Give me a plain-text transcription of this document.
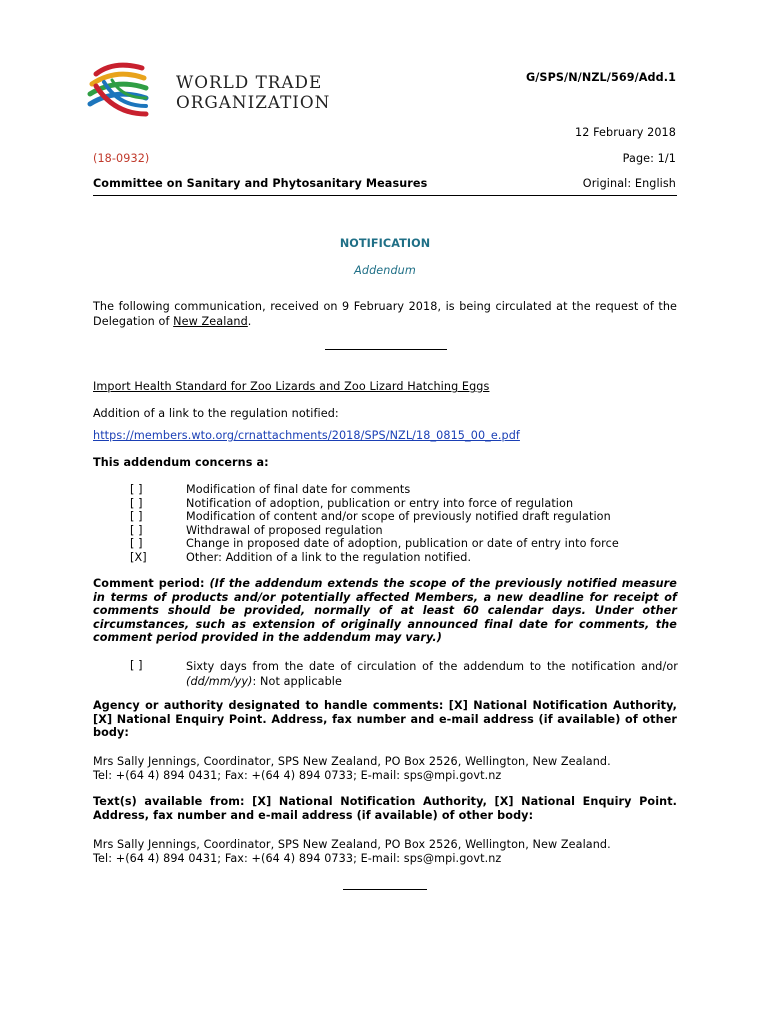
WORLD TRADE
ORGANIZATION
G/SPS/N/NZL/569/Add.1
12 February 2018
(18-0932)	Page: 1/1
Committee on Sanitary and Phytosanitary Measures	Original: English
NOTIFICATION
Addendum
The following communication, received on 9 February 2018, is being circulated at the request of the Delegation of New Zealand.
Import Health Standard for Zoo Lizards and Zoo Lizard Hatching Eggs
Addition of a link to the regulation notified:
https://members.wto.org/crnattachments/2018/SPS/NZL/18_0815_00_e.pdf
This addendum concerns a:
[ ]	Modification of final date for comments
[ ]	Notification of adoption, publication or entry into force of regulation
[ ]	Modification of content and/or scope of previously notified draft regulation
[ ]	Withdrawal of proposed regulation
[ ]	Change in proposed date of adoption, publication or date of entry into force
[X]	Other: Addition of a link to the regulation notified.
Comment period: (If the addendum extends the scope of the previously notified measure in terms of products and/or potentially affected Members, a new deadline for receipt of comments should be provided, normally of at least 60 calendar days. Under other circumstances, such as extension of originally announced final date for comments, the comment period provided in the addendum may vary.)
[ ]	Sixty days from the date of circulation of the addendum to the notification and/or (dd/mm/yy): Not applicable
Agency or authority designated to handle comments: [X] National Notification Authority, [X] National Enquiry Point. Address, fax number and e-mail address (if available) of other body:
Mrs Sally Jennings, Coordinator, SPS New Zealand, PO Box 2526, Wellington, New Zealand.
Tel: +(64 4) 894 0431; Fax: +(64 4) 894 0733; E-mail: sps@mpi.govt.nz
Text(s) available from: [X] National Notification Authority, [X] National Enquiry Point. Address, fax number and e-mail address (if available) of other body:
Mrs Sally Jennings, Coordinator, SPS New Zealand, PO Box 2526, Wellington, New Zealand.
Tel: +(64 4) 894 0431; Fax: +(64 4) 894 0733; E-mail: sps@mpi.govt.nz
